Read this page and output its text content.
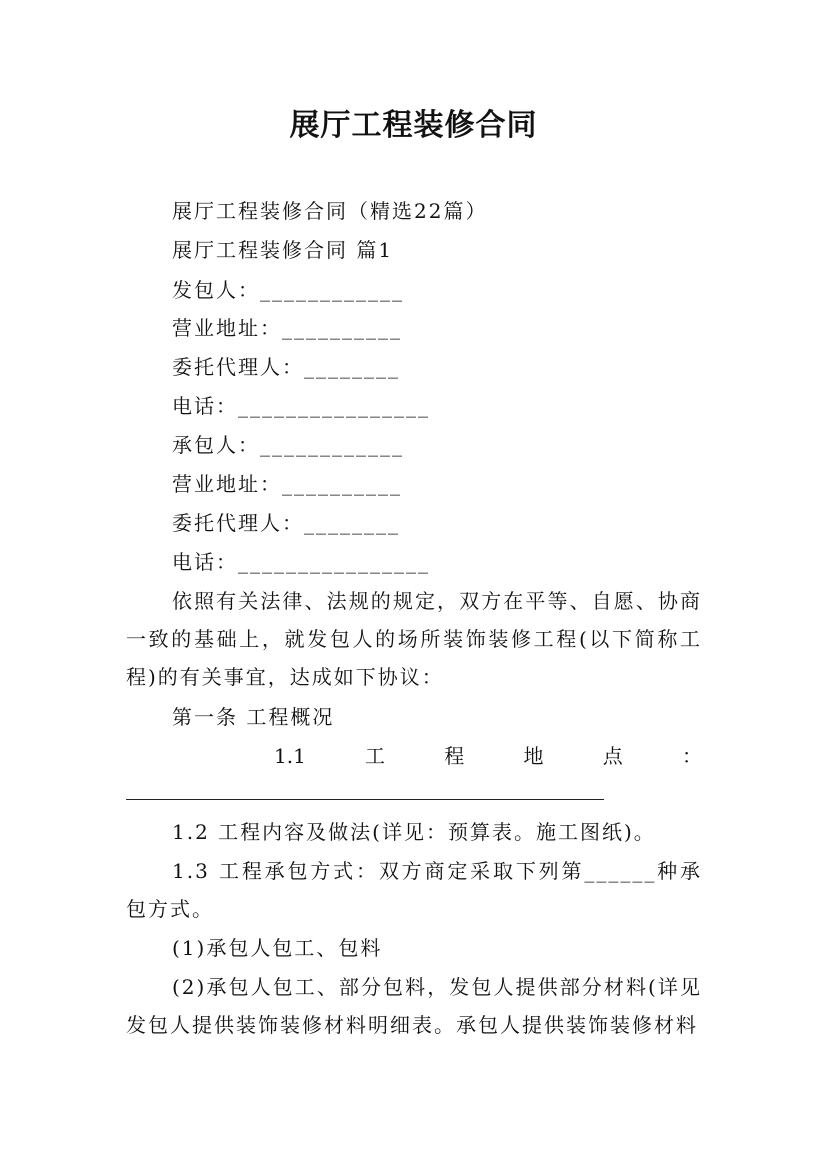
展厅工程装修合同
展厅工程装修合同（精选22篇）
展厅工程装修合同 篇1
发包人：____________
营业地址：__________
委托代理人：________
电话：________________
承包人：____________
营业地址：__________
委托代理人：________
电话：________________

依照有关法律、法规的规定，双方在平等、自愿、协商一致的基础上，就发包人的场所装饰装修工程(以下简称工程)的有关事宜，达成如下协议：

第一条 工程概况
1.1	工	程	地	点	：

1.2 工程内容及做法(详见：预算表。施工图纸)。

1.3 工程承包方式：双方商定采取下列第______种承包方式。

(1)承包人包工、包料

(2)承包人包工、部分包料，发包人提供部分材料(详见发包人提供装饰装修材料明细表。承包人提供装饰装修材料
